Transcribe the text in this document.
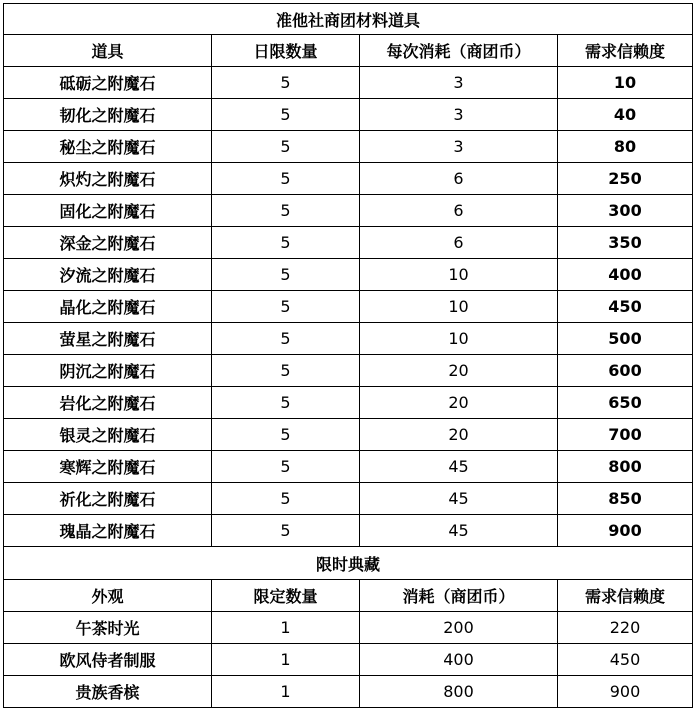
准他社商团材料道具			
道具	日限数量	每次消耗（商团币）	需求信赖度
砥砺之附魔石	5	3	10
韧化之附魔石	5	3	40
秘尘之附魔石	5	3	80
炽灼之附魔石	5	6	250
固化之附魔石	5	6	300
深金之附魔石	5	6	350
汐流之附魔石	5	10	400
晶化之附魔石	5	10	450
萤星之附魔石	5	10	500
阴沉之附魔石	5	20	600
岩化之附魔石	5	20	650
银灵之附魔石	5	20	700
寒辉之附魔石	5	45	800
祈化之附魔石	5	45	850
瑰晶之附魔石	5	45	900
限时典藏			
外观	限定数量	消耗（商团币）	需求信赖度
午茶时光	1	200	220
欧风侍者制服	1	400	450
贵族香槟	1	800	900
